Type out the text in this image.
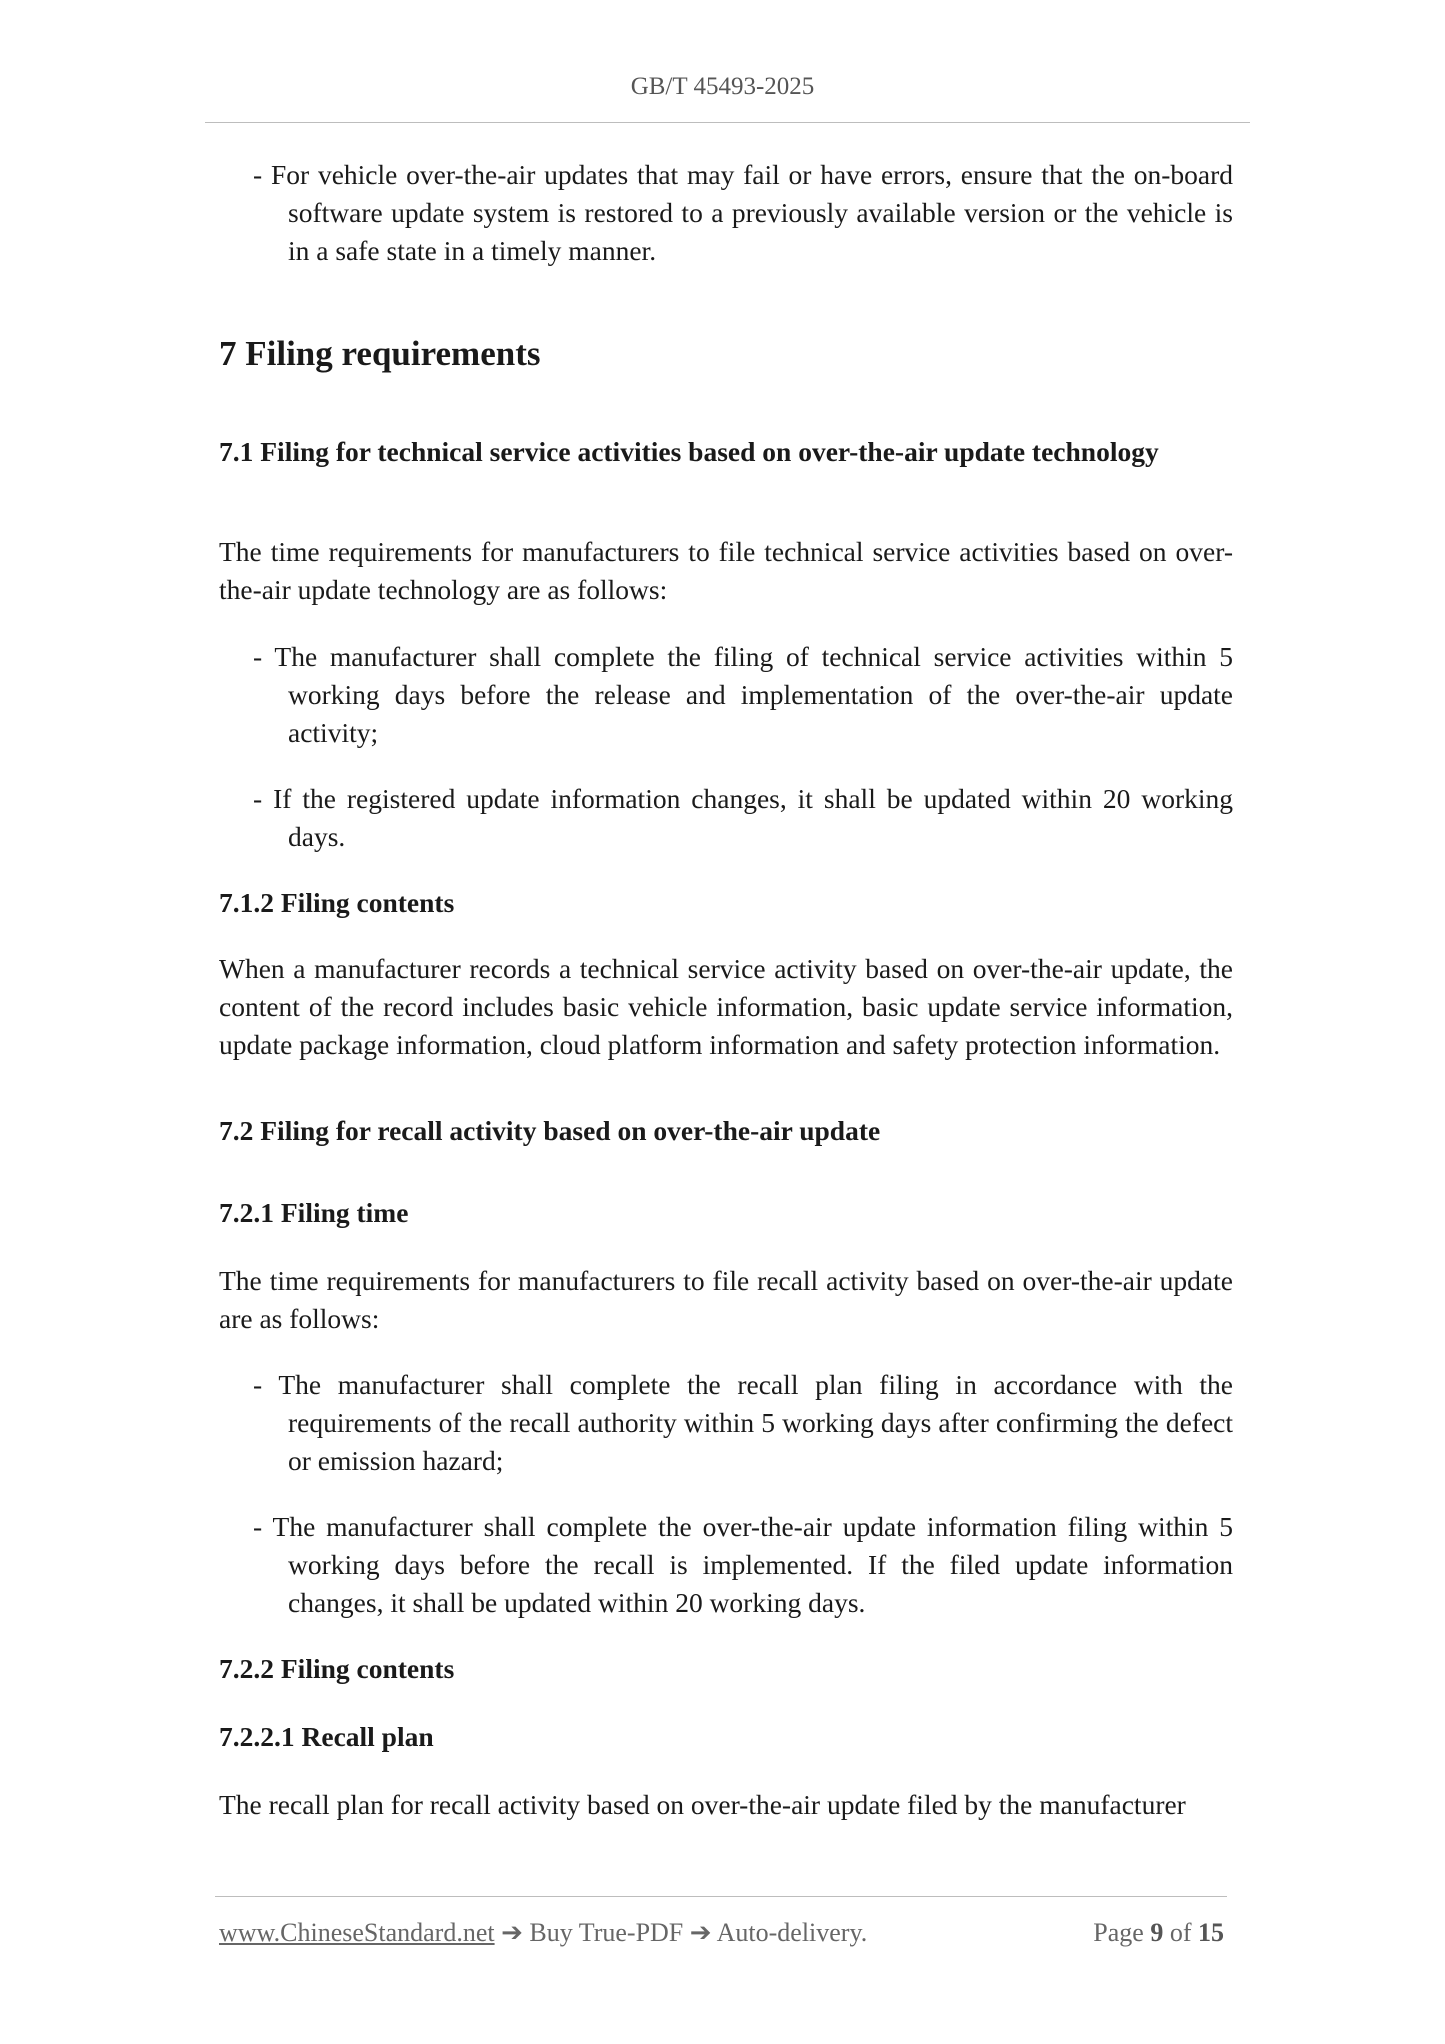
GB/T 45493-2025

- For vehicle over-the-air updates that may fail or have errors, ensure that the on-board software update system is restored to a previously available version or the vehicle is in a safe state in a timely manner.

7 Filing requirements
7.1 Filing for technical service activities based on over-the-air update technology

The time requirements for manufacturers to file technical service activities based on over-the-air update technology are as follows:

- The manufacturer shall complete the filing of technical service activities within 5 working days before the release and implementation of the over-the-air update activity;

- If the registered update information changes, it shall be updated within 20 working days.

7.1.2 Filing contents

When a manufacturer records a technical service activity based on over-the-air update, the content of the record includes basic vehicle information, basic update service information, update package information, cloud platform information and safety protection information.

7.2 Filing for recall activity based on over-the-air update
7.2.1 Filing time

The time requirements for manufacturers to file recall activity based on over-the-air update are as follows:

- The manufacturer shall complete the recall plan filing in accordance with the requirements of the recall authority within 5 working days after confirming the defect or emission hazard;

- The manufacturer shall complete the over-the-air update information filing within 5 working days before the recall is implemented. If the filed update information changes, it shall be updated within 20 working days.

7.2.2 Filing contents
7.2.2.1 Recall plan

The recall plan for recall activity based on over-the-air update filed by the manufacturer

www.ChineseStandard.net ➔ Buy True-PDF ➔ Auto-delivery.	Page 9 of 15
